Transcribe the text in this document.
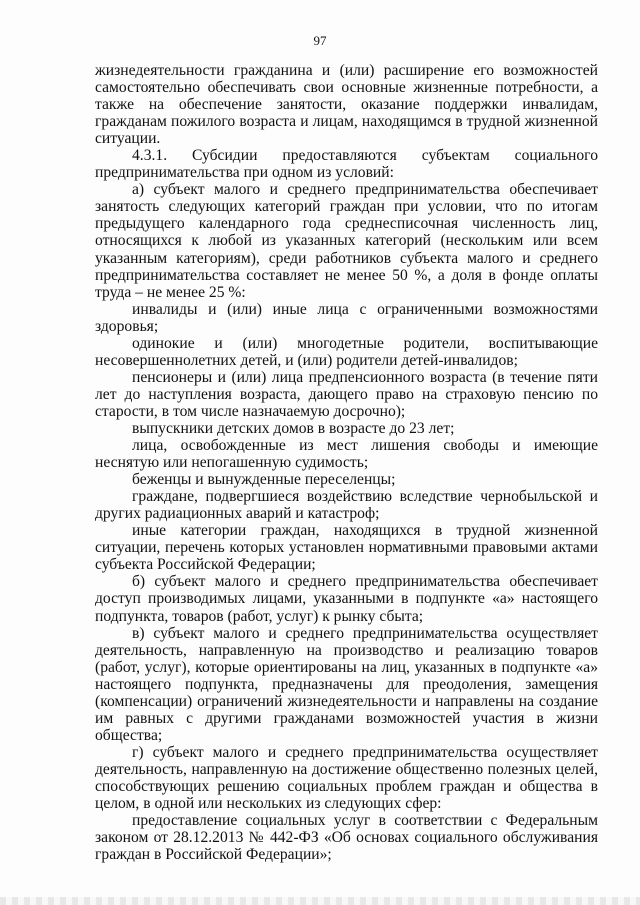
97

жизнедеятельности гражданина и (или) расширение его возможностей самостоятельно обеспечивать свои основные жизненные потребности, а также на обеспечение занятости, оказание поддержки инвалидам, гражданам пожилого возраста и лицам, находящимся в трудной жизненной ситуации.

4.3.1. Субсидии предоставляются субъектам социального предпринимательства при одном из условий:

а) субъект малого и среднего предпринимательства обеспечивает занятость следующих категорий граждан при условии, что по итогам предыдущего календарного года среднесписочная численность лиц, относящихся к любой из указанных категорий (нескольким или всем указанным категориям), среди работников субъекта малого и среднего предпринимательства составляет не менее 50 %, а доля в фонде оплаты труда – не менее 25 %:

инвалиды и (или) иные лица с ограниченными возможностями здоровья;

одинокие и (или) многодетные родители, воспитывающие несовершеннолетних детей, и (или) родители детей-инвалидов;

пенсионеры и (или) лица предпенсионного возраста (в течение пяти лет до наступления возраста, дающего право на страховую пенсию по старости, в том числе назначаемую досрочно);

выпускники детских домов в возрасте до 23 лет;

лица, освобожденные из мест лишения свободы и имеющие неснятую или непогашенную судимость;

беженцы и вынужденные переселенцы;

граждане, подвергшиеся воздействию вследствие чернобыльской и других радиационных аварий и катастроф;

иные категории граждан, находящихся в трудной жизненной ситуации, перечень которых установлен нормативными правовыми актами субъекта Российской Федерации;

б) субъект малого и среднего предпринимательства обеспечивает доступ производимых лицами, указанными в подпункте «а» настоящего подпункта, товаров (работ, услуг) к рынку сбыта;

в) субъект малого и среднего предпринимательства осуществляет деятельность, направленную на производство и реализацию товаров (работ, услуг), которые ориентированы на лиц, указанных в подпункте «а» настоящего подпункта, предназначены для преодоления, замещения (компенсации) ограничений жизнедеятельности и направлены на создание им равных с другими гражданами возможностей участия в жизни общества;

г) субъект малого и среднего предпринимательства осуществляет деятельность, направленную на достижение общественно полезных целей, способствующих решению социальных проблем граждан и общества в целом, в одной или нескольких из следующих сфер:

предоставление социальных услуг в соответствии с Федеральным законом от 28.12.2013 № 442-ФЗ «Об основах социального обслуживания граждан в Российской Федерации»;
